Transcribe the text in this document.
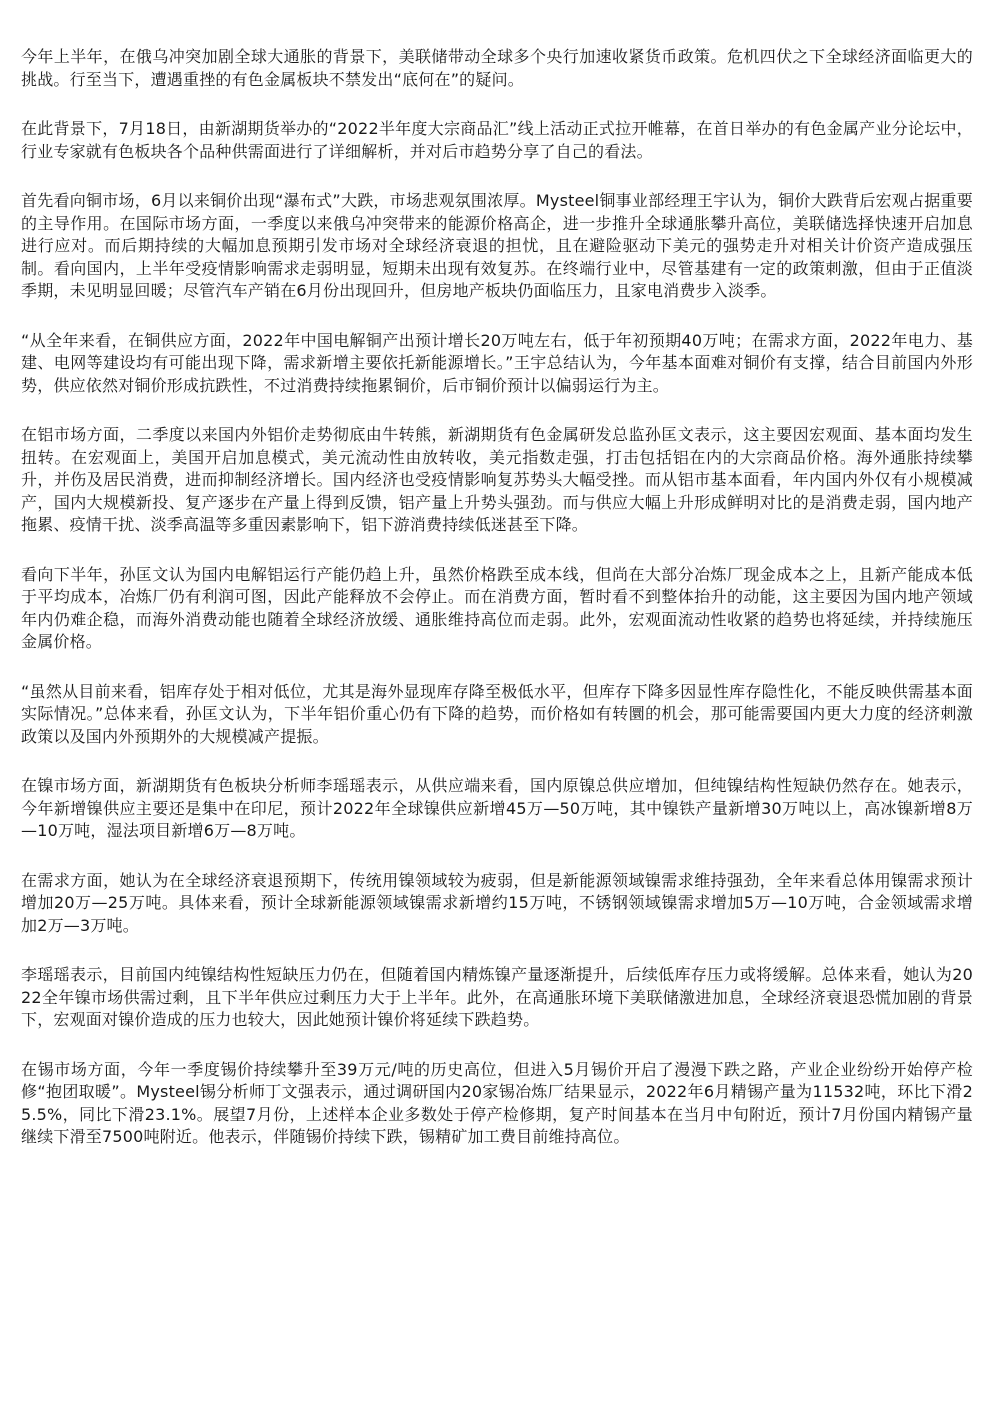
今年上半年，在俄乌冲突加剧全球大通胀的背景下，美联储带动全球多个央行加速收紧货币政策。危机四伏之下全球经济面临更大的挑战。行至当下，遭遇重挫的有色金属板块不禁发出“底何在”的疑问。

在此背景下，7月18日，由新湖期货举办的“2022半年度大宗商品汇”线上活动正式拉开帷幕，在首日举办的有色金属产业分论坛中，行业专家就有色板块各个品种供需面进行了详细解析，并对后市趋势分享了自己的看法。

首先看向铜市场，6月以来铜价出现“瀑布式”大跌，市场悲观氛围浓厚。Mysteel铜事业部经理王宇认为，铜价大跌背后宏观占据重要的主导作用。在国际市场方面，一季度以来俄乌冲突带来的能源价格高企，进一步推升全球通胀攀升高位，美联储选择快速开启加息进行应对。而后期持续的大幅加息预期引发市场对全球经济衰退的担忧，且在避险驱动下美元的强势走升对相关计价资产造成强压制。看向国内，上半年受疫情影响需求走弱明显，短期未出现有效复苏。在终端行业中，尽管基建有一定的政策刺激，但由于正值淡季期，未见明显回暖；尽管汽车产销在6月份出现回升，但房地产板块仍面临压力，且家电消费步入淡季。

“从全年来看，在铜供应方面，2022年中国电解铜产出预计增长20万吨左右，低于年初预期40万吨；在需求方面，2022年电力、基建、电网等建设均有可能出现下降，需求新增主要依托新能源增长。”王宇总结认为，今年基本面难对铜价有支撑，结合目前国内外形势，供应依然对铜价形成抗跌性，不过消费持续拖累铜价，后市铜价预计以偏弱运行为主。

在铝市场方面，二季度以来国内外铝价走势彻底由牛转熊，新湖期货有色金属研发总监孙匡文表示，这主要因宏观面、基本面均发生扭转。在宏观面上，美国开启加息模式，美元流动性由放转收，美元指数走强，打击包括铝在内的大宗商品价格。海外通胀持续攀升，并伤及居民消费，进而抑制经济增长。国内经济也受疫情影响复苏势头大幅受挫。而从铝市基本面看，年内国内外仅有小规模减产，国内大规模新投、复产逐步在产量上得到反馈，铝产量上升势头强劲。而与供应大幅上升形成鲜明对比的是消费走弱，国内地产拖累、疫情干扰、淡季高温等多重因素影响下，铝下游消费持续低迷甚至下降。

看向下半年，孙匡文认为国内电解铝运行产能仍趋上升，虽然价格跌至成本线，但尚在大部分冶炼厂现金成本之上，且新产能成本低于平均成本，冶炼厂仍有利润可图，因此产能释放不会停止。而在消费方面，暂时看不到整体抬升的动能，这主要因为国内地产领域年内仍难企稳，而海外消费动能也随着全球经济放缓、通胀维持高位而走弱。此外，宏观面流动性收紧的趋势也将延续，并持续施压金属价格。

“虽然从目前来看，铝库存处于相对低位，尤其是海外显现库存降至极低水平，但库存下降多因显性库存隐性化，不能反映供需基本面实际情况。”总体来看，孙匡文认为，下半年铝价重心仍有下降的趋势，而价格如有转圜的机会，那可能需要国内更大力度的经济刺激政策以及国内外预期外的大规模减产提振。

在镍市场方面，新湖期货有色板块分析师李瑶瑶表示，从供应端来看，国内原镍总供应增加，但纯镍结构性短缺仍然存在。她表示，今年新增镍供应主要还是集中在印尼，预计2022年全球镍供应新增45万—50万吨，其中镍铁产量新增30万吨以上，高冰镍新增8万—10万吨，湿法项目新增6万—8万吨。

在需求方面，她认为在全球经济衰退预期下，传统用镍领域较为疲弱，但是新能源领域镍需求维持强劲，全年来看总体用镍需求预计增加20万—25万吨。具体来看，预计全球新能源领域镍需求新增约15万吨，不锈钢领域镍需求增加5万—10万吨，合金领域需求增加2万—3万吨。

李瑶瑶表示，目前国内纯镍结构性短缺压力仍在，但随着国内精炼镍产量逐渐提升，后续低库存压力或将缓解。总体来看，她认为2022全年镍市场供需过剩，且下半年供应过剩压力大于上半年。此外，在高通胀环境下美联储激进加息，全球经济衰退恐慌加剧的背景下，宏观面对镍价造成的压力也较大，因此她预计镍价将延续下跌趋势。

在锡市场方面，今年一季度锡价持续攀升至39万元/吨的历史高位，但进入5月锡价开启了漫漫下跌之路，产业企业纷纷开始停产检修“抱团取暖”。Mysteel锡分析师丁文强表示，通过调研国内20家锡冶炼厂结果显示，2022年6月精锡产量为11532吨，环比下滑25.5%，同比下滑23.1%。展望7月份，上述样本企业多数处于停产检修期，复产时间基本在当月中旬附近，预计7月份国内精锡产量继续下滑至7500吨附近。他表示，伴随锡价持续下跌，锡精矿加工费目前维持高位。
